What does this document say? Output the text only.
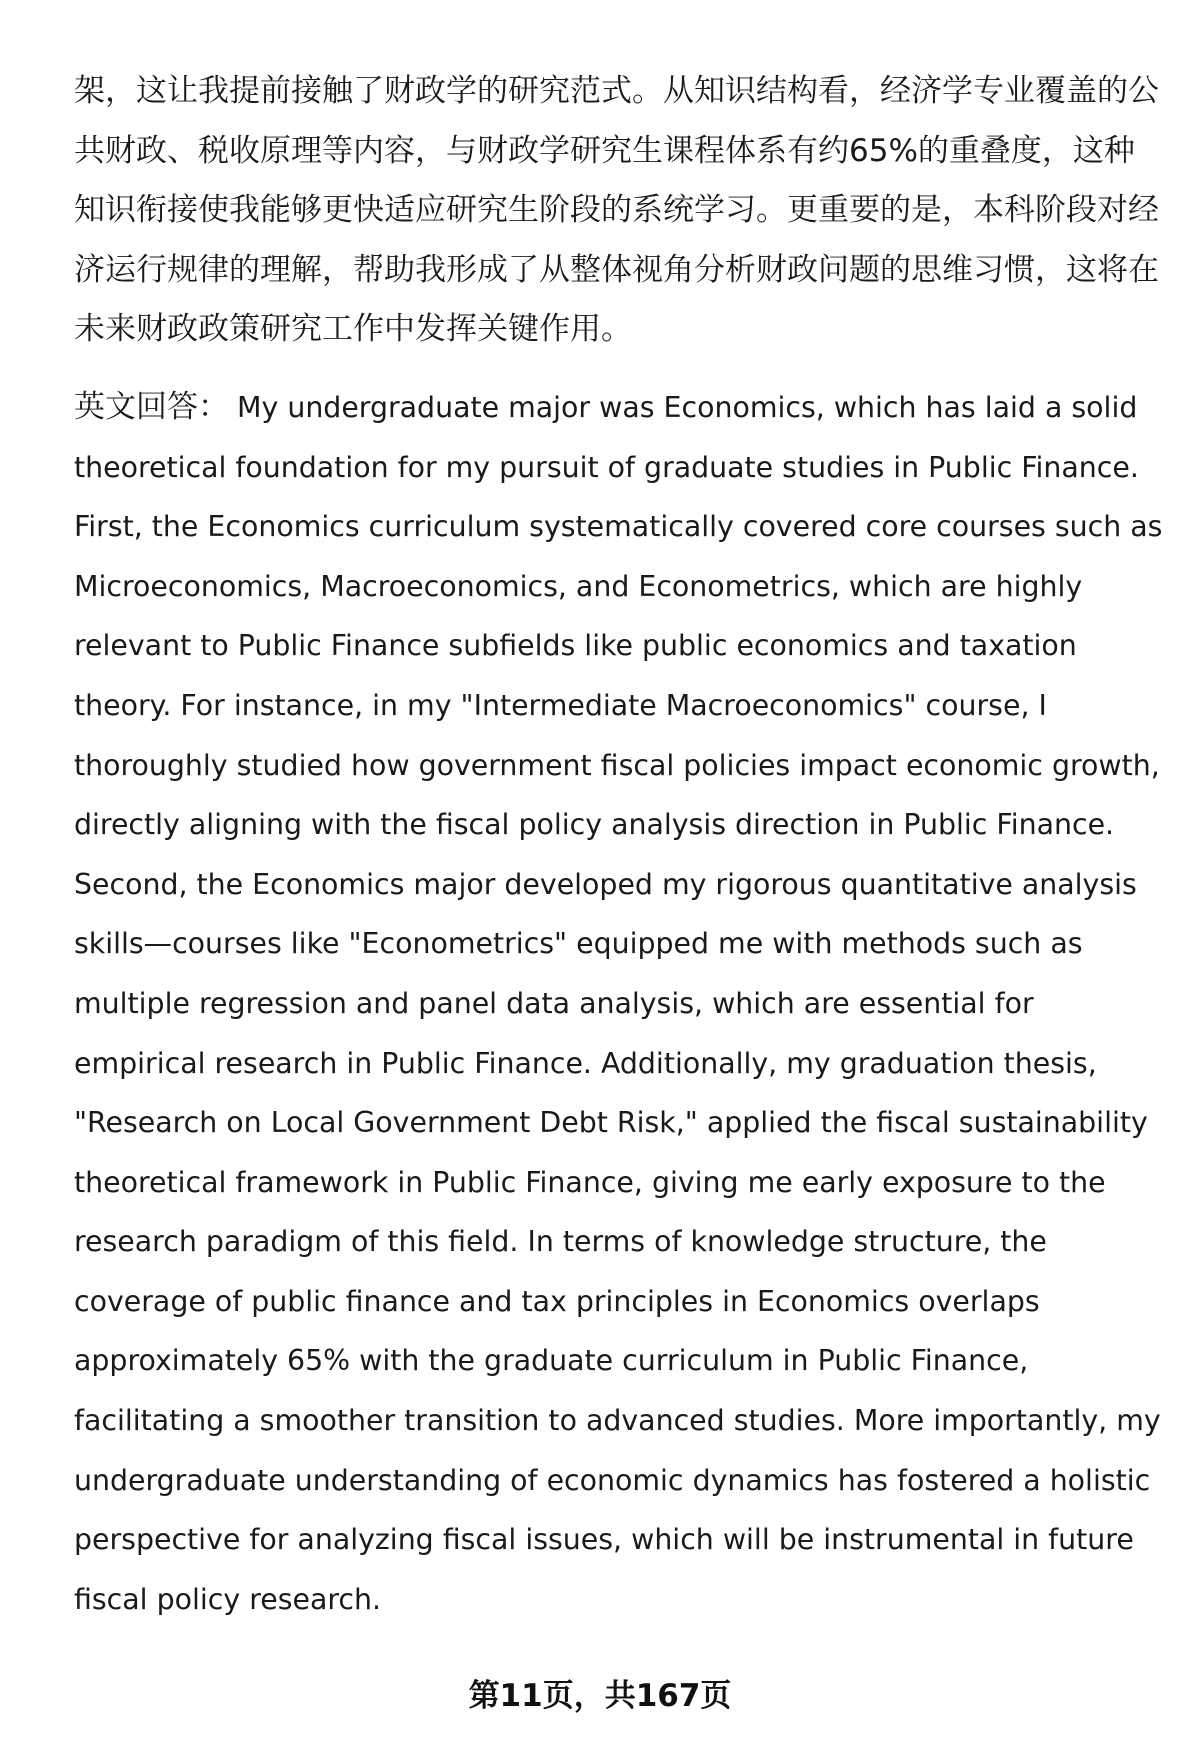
架，这让我提前接触了财政学的研究范式。从知识结构看，经济学专业覆盖的公共财政、税收原理等内容，与财政学研究生课程体系有约65%的重叠度，这种知识衔接使我能够更快适应研究生阶段的系统学习。更重要的是，本科阶段对经济运行规律的理解，帮助我形成了从整体视角分析财政问题的思维习惯，这将在未来财政政策研究工作中发挥关键作用。

英文回答： My undergraduate major was Economics, which has laid a solid theoretical foundation for my pursuit of graduate studies in Public Finance. First, the Economics curriculum systematically covered core courses such as Microeconomics, Macroeconomics, and Econometrics, which are highly relevant to Public Finance subfields like public economics and taxation theory. For instance, in my "Intermediate Macroeconomics" course, I thoroughly studied how government fiscal policies impact economic growth, directly aligning with the fiscal policy analysis direction in Public Finance. Second, the Economics major developed my rigorous quantitative analysis skills—courses like "Econometrics" equipped me with methods such as multiple regression and panel data analysis, which are essential for empirical research in Public Finance. Additionally, my graduation thesis, "Research on Local Government Debt Risk," applied the fiscal sustainability theoretical framework in Public Finance, giving me early exposure to the research paradigm of this field. In terms of knowledge structure, the coverage of public finance and tax principles in Economics overlaps approximately 65% with the graduate curriculum in Public Finance, facilitating a smoother transition to advanced studies. More importantly, my undergraduate understanding of economic dynamics has fostered a holistic perspective for analyzing fiscal issues, which will be instrumental in future fiscal policy research.

第11页，共167页
